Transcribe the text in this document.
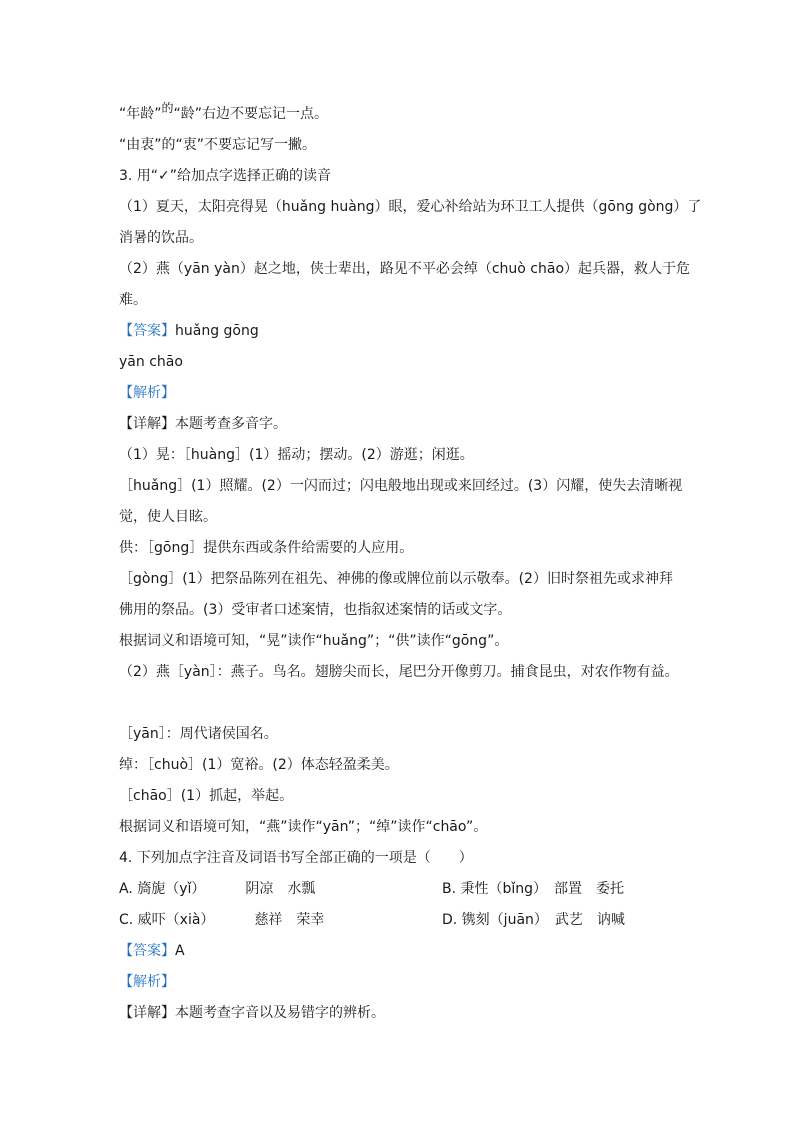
“年龄”的“龄”右边不要忘记一点。
“由衷”的“衷”不要忘记写一撇。
3. 用“✓”给加点字选择正确的读音
（1）夏天，太阳亮得晃（huǎng huàng）眼，爱心补给站为环卫工人提供（gōng gòng）了
消暑的饮品。
（2）燕（yān yàn）赵之地，侠士辈出，路见不平必会绰（chuò chāo）起兵器，救人于危
难。
【答案】huǎng gōng
yān chāo
【解析】
【详解】本题考查多音字。
（1）晃：［huàng］(1）摇动；摆动。(2）游逛；闲逛。
［huǎng］(1）照耀。(2）一闪而过；闪电般地出现或来回经过。(3）闪耀，使失去清晰视
觉，使人目眩。
供：［gōng］提供东西或条件给需要的人应用。
［gòng］(1）把祭品陈列在祖先、神佛的像或牌位前以示敬奉。(2）旧时祭祖先或求神拜
佛用的祭品。(3）受审者口述案情，也指叙述案情的话或文字。
根据词义和语境可知，“晃”读作“huǎng”；“供”读作“gōng”。
（2）燕［yàn］：燕子。鸟名。翅膀尖而长，尾巴分开像剪刀。捕食昆虫，对农作物有益。
［yān］：周代诸侯国名。
绰：［chuò］(1）宽裕。(2）体态轻盈柔美。
［chāo］(1）抓起，举起。
根据词义和语境可知，“燕”读作“yān”；“绰”读作“chāo”。
4. 下列加点字注音及词语书写全部正确的一项是（　　）
A. 旖旎（yǐ）	阴凉　水瓢	B. 秉性（bǐng）　 部置　委托
C. 威吓（xià）	慈祥　荣幸	D. 镌刻（juān）　 武艺　讷喊
【答案】A
【解析】
【详解】本题考查字音以及易错字的辨析。
